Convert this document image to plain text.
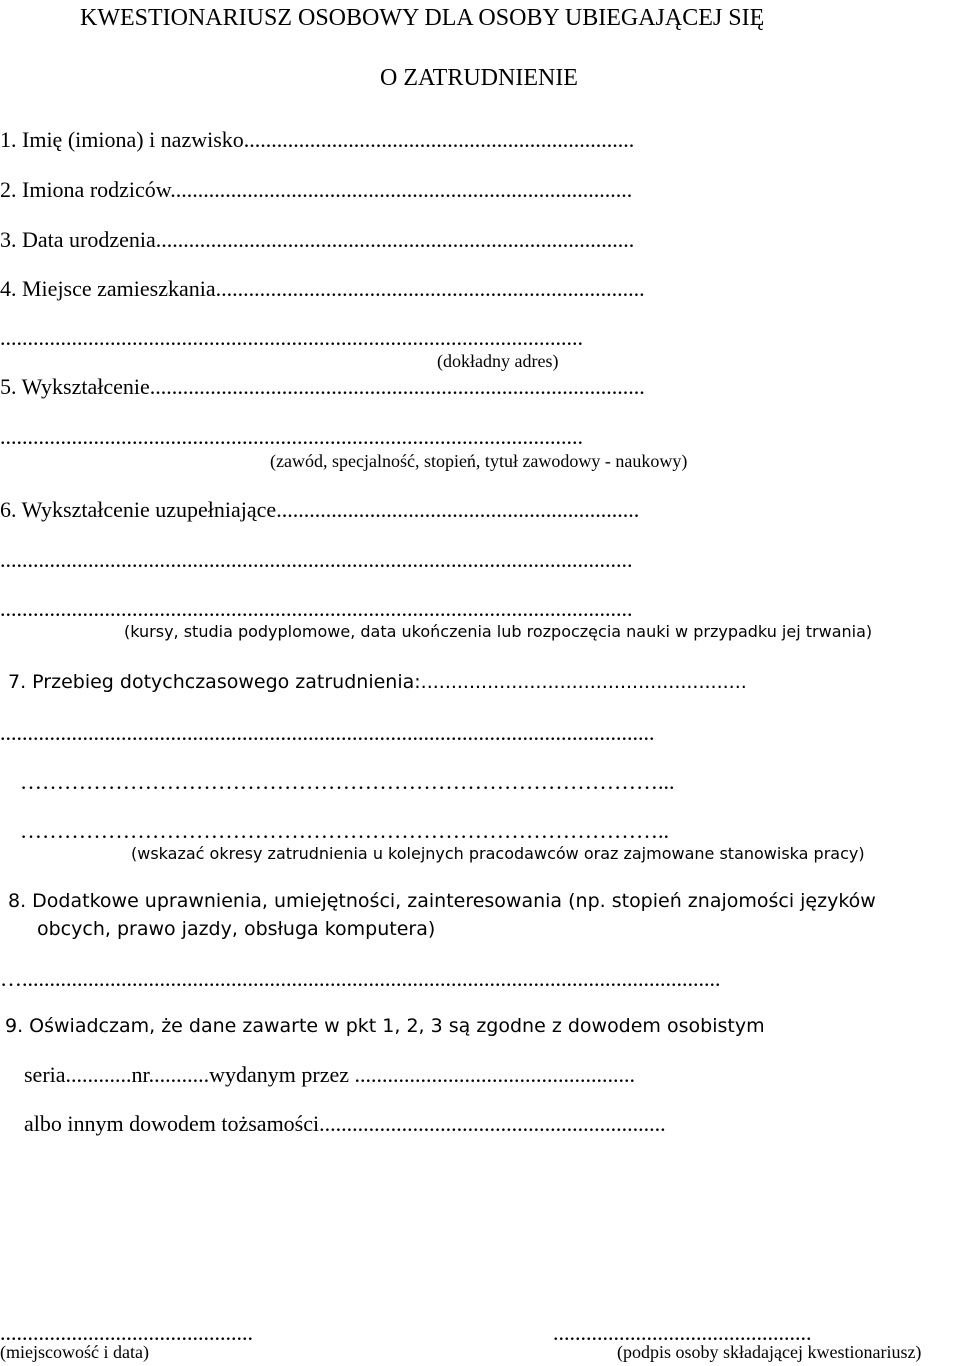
KWESTIONARIUSZ OSOBOWY DLA OSOBY UBIEGAJĄCEJ SIĘ
O ZATRUDNIENIE
1. Imię (imiona) i nazwisko.......................................................................
2. Imiona rodziców....................................................................................
3. Data urodzenia.......................................................................................
4. Miejsce zamieszkania..............................................................................
..........................................................................................................
(dokładny adres)
5. Wykształcenie..........................................................................................
..........................................................................................................
(zawód, specjalność, stopień, tytuł zawodowy - naukowy)
6. Wykształcenie uzupełniające..................................................................
...................................................................................................................
...................................................................................................................
(kursy, studia podyplomowe, data ukończenia lub rozpoczęcia nauki w przypadku jej trwania)
7. Przebieg dotychczasowego zatrudnienia:......................................................
.......................................................................................................................
……………………………………………………………………………...
……………………………………………………………………………..
(wskazać okresy zatrudnienia u kolejnych pracodawców oraz zajmowane stanowiska pracy)
8. Dodatkowe uprawnienia, umiejętności, zainteresowania (np. stopień znajomości języków
obcych, prawo jazdy, obsługa komputera)
…...............................................................................................................................
9. Oświadczam, że dane zawarte w pkt 1, 2, 3 są zgodne z dowodem osobistym
seria............nr...........wydanym przez ...................................................
albo innym dowodem tożsamości...............................................................
..............................................
(miejscowość i data)
...............................................
(podpis osoby składającej kwestionariusz)
